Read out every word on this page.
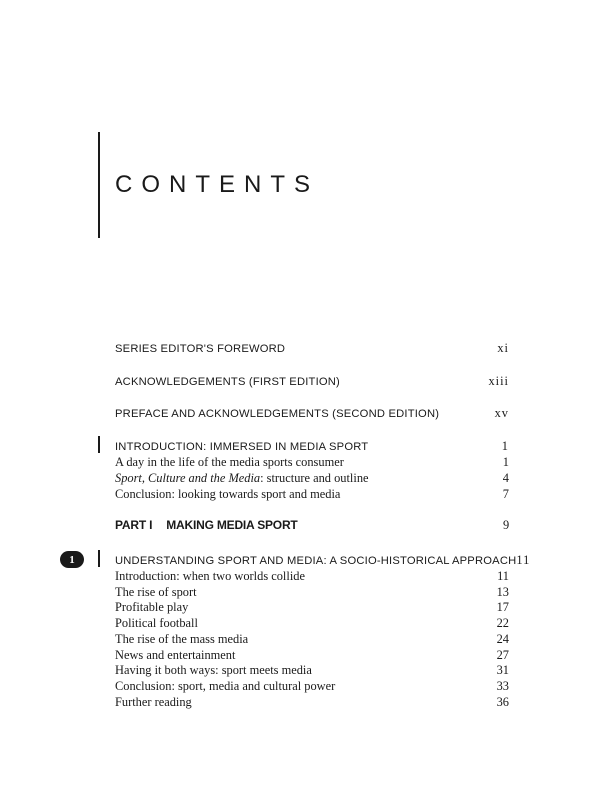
CONTENTS
SERIES EDITOR'S FOREWORD	xi
ACKNOWLEDGEMENTS (FIRST EDITION)	xiii
PREFACE AND ACKNOWLEDGEMENTS (SECOND EDITION)	xv
INTRODUCTION: IMMERSED IN MEDIA SPORT	1
A day in the life of the media sports consumer	1
Sport, Culture and the Media: structure and outline	4
Conclusion: looking towards sport and media	7
PART I MAKING MEDIA SPORT	9
1	UNDERSTANDING SPORT AND MEDIA: A SOCIO-HISTORICAL APPROACH 11
Introduction: when two worlds collide	11
The rise of sport	13
Profitable play	17
Political football	22
The rise of the mass media	24
News and entertainment	27
Having it both ways: sport meets media	31
Conclusion: sport, media and cultural power	33
Further reading	36
